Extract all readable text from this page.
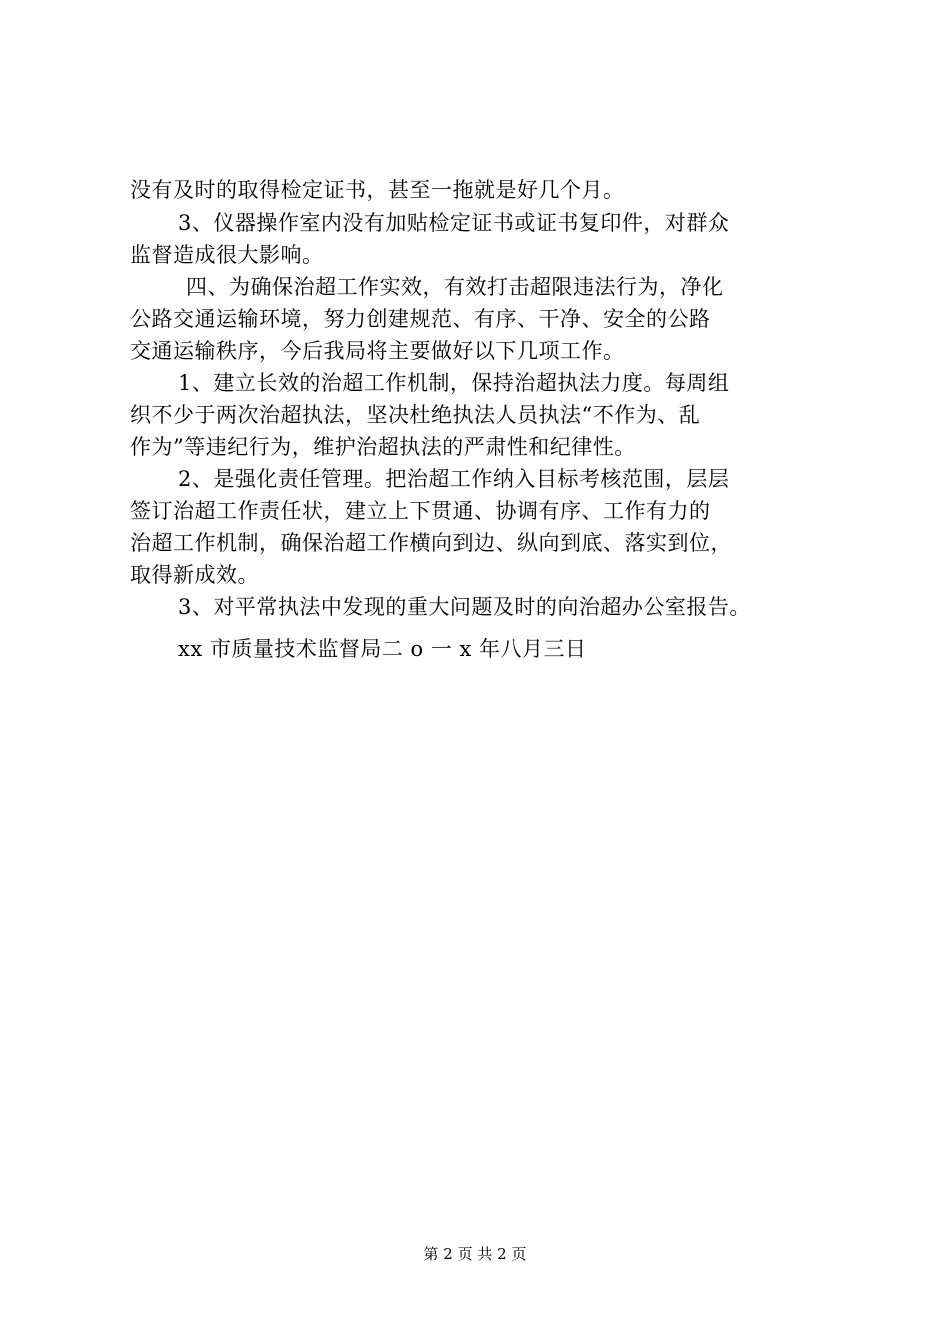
没有及时的取得检定证书，甚至一拖就是好几个月。
3、仪器操作室内没有加贴检定证书或证书复印件，对群众
监督造成很大影响。
四、为确保治超工作实效，有效打击超限违法行为，净化
公路交通运输环境，努力创建规范、有序、干净、安全的公路
交通运输秩序，今后我局将主要做好以下几项工作。
1、建立长效的治超工作机制，保持治超执法力度。每周组
织不少于两次治超执法，坚决杜绝执法人员执法“不作为、乱
作为”等违纪行为，维护治超执法的严肃性和纪律性。
2、是强化责任管理。把治超工作纳入目标考核范围，层层
签订治超工作责任状，建立上下贯通、协调有序、工作有力的
治超工作机制，确保治超工作横向到边、纵向到底、落实到位，
取得新成效。
3、对平常执法中发现的重大问题及时的向治超办公室报告。
xx 市质量技术监督局二 o 一 x 年八月三日
第 2 页 共 2 页
